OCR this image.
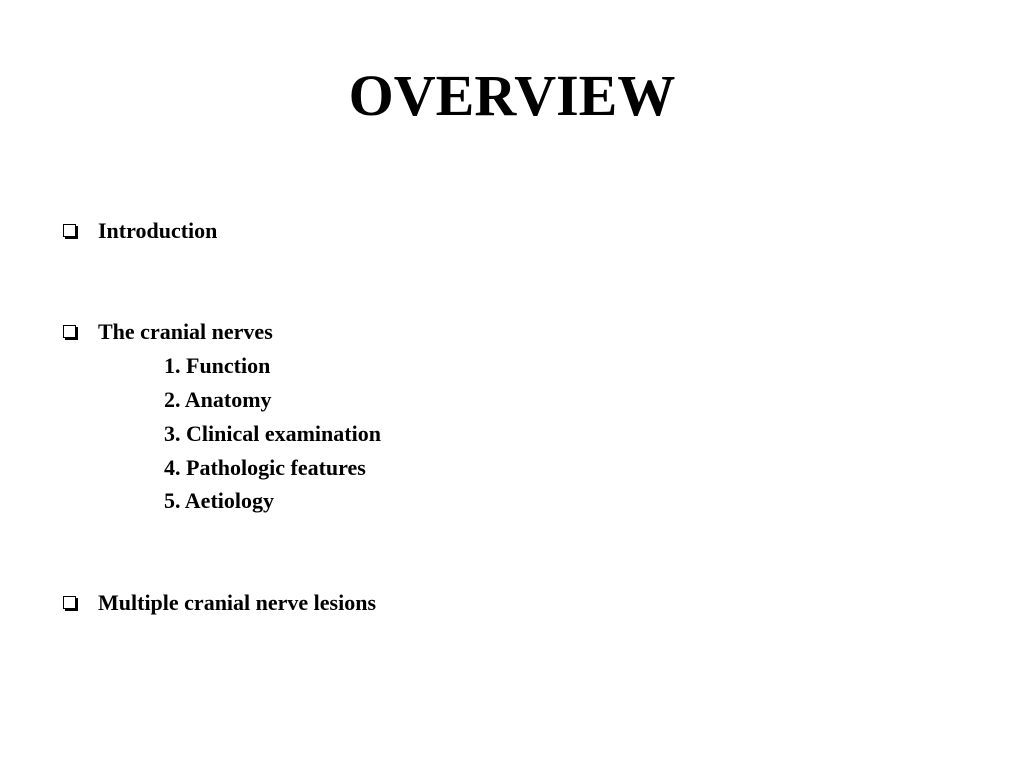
OVERVIEW
Introduction
The cranial nerves
1. Function
2. Anatomy
3. Clinical examination
4. Pathologic features
5. Aetiology
Multiple cranial nerve lesions
